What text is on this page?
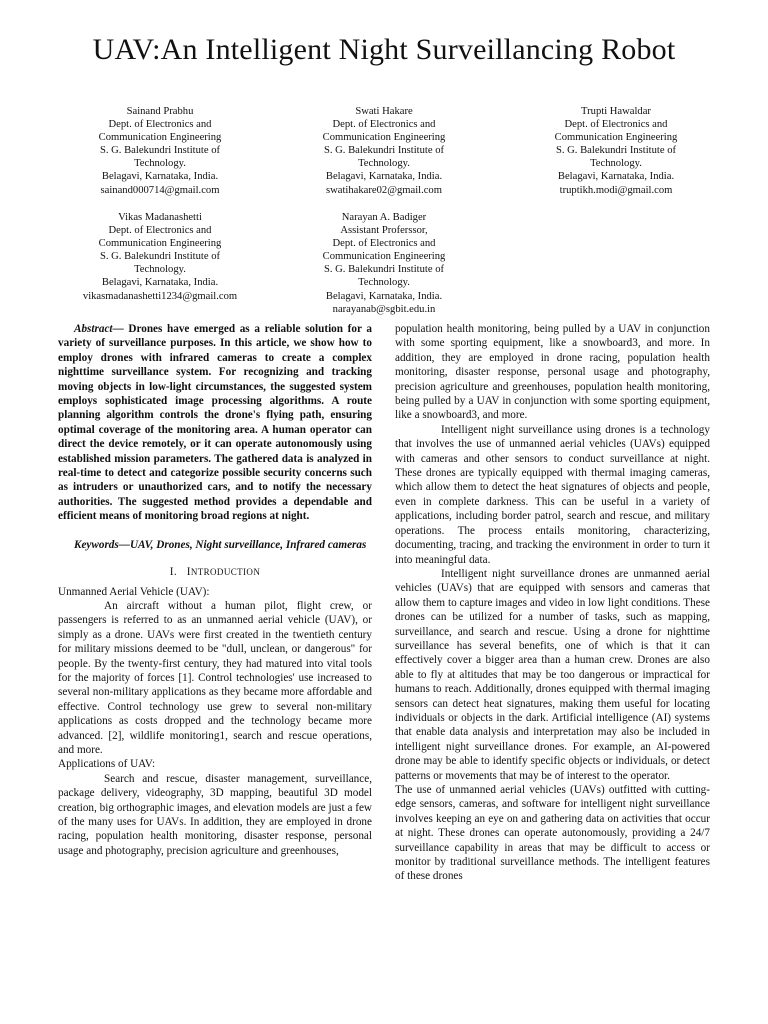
UAV:An Intelligent Night Surveillancing Robot
Sainand Prabhu
Dept. of Electronics and
Communication Engineering
S. G. Balekundri Institute of
Technology.
Belagavi, Karnataka, India.
sainand000714@gmail.com
Swati Hakare
Dept. of Electronics and
Communication Engineering
S. G. Balekundri Institute of
Technology.
Belagavi, Karnataka, India.
swatihakare02@gmail.com
Trupti Hawaldar
Dept. of Electronics and
Communication Engineering
S. G. Balekundri Institute of
Technology.
Belagavi, Karnataka, India.
truptikh.modi@gmail.com
Vikas Madanashetti
Dept. of Electronics and
Communication Engineering
S. G. Balekundri Institute of
Technology.
Belagavi, Karnataka, India.
vikasmadanashetti1234@gmail.com
Narayan A. Badiger
Assistant Proferssor,
Dept. of Electronics and
Communication Engineering
S. G. Balekundri Institute of
Technology.
Belagavi, Karnataka, India.
narayanab@sgbit.edu.in

Abstract— Drones have emerged as a reliable solution for a variety of surveillance purposes. In this article, we show how to employ drones with infrared cameras to create a complex nighttime surveillance system. For recognizing and tracking moving objects in low-light circumstances, the suggested system employs sophisticated image processing algorithms. A route planning algorithm controls the drone's flying path, ensuring optimal coverage of the monitoring area. A human operator can direct the device remotely, or it can operate autonomously using established mission parameters. The gathered data is analyzed in real-time to detect and categorize possible security concerns such as intruders or unauthorized cars, and to notify the necessary authorities. The suggested method provides a dependable and efficient means of monitoring broad regions at night.

Keywords—UAV, Drones, Night surveillance, Infrared cameras

I. INTRODUCTION

Unmanned Aerial Vehicle (UAV):

An aircraft without a human pilot, flight crew, or passengers is referred to as an unmanned aerial vehicle (UAV), or simply as a drone. UAVs were first created in the twentieth century for military missions deemed to be "dull, unclean, or dangerous" for people. By the twenty-first century, they had matured into vital tools for the majority of forces [1]. Control technologies' use increased to several non-military applications as they became more affordable and effective. Control technology use grew to several non-military applications as costs dropped and the technology became more advanced. [2], wildlife monitoring1, search and rescue operations, and more.

Applications of UAV:

Search and rescue, disaster management, surveillance, package delivery, videography, 3D mapping, beautiful 3D model creation, big orthographic images, and elevation models are just a few of the many uses for UAVs. In addition, they are employed in drone racing, population health monitoring, disaster response, personal usage and photography, precision agriculture and greenhouses,

population health monitoring, being pulled by a UAV in conjunction with some sporting equipment, like a snowboard3, and more. In addition, they are employed in drone racing, population health monitoring, disaster response, personal usage and photography, precision agriculture and greenhouses, population health monitoring, being pulled by a UAV in conjunction with some sporting equipment, like a snowboard3, and more.

Intelligent night surveillance using drones is a technology that involves the use of unmanned aerial vehicles (UAVs) equipped with cameras and other sensors to conduct surveillance at night. These drones are typically equipped with thermal imaging cameras, which allow them to detect the heat signatures of objects and people, even in complete darkness. This can be useful in a variety of applications, including border patrol, search and rescue, and military operations. The process entails monitoring, characterizing, documenting, tracing, and tracking the environment in order to turn it into meaningful data.

Intelligent night surveillance drones are unmanned aerial vehicles (UAVs) that are equipped with sensors and cameras that allow them to capture images and video in low light conditions. These drones can be utilized for a number of tasks, such as mapping, surveillance, and search and rescue. Using a drone for nighttime surveillance has several benefits, one of which is that it can effectively cover a bigger area than a human crew. Drones are also able to fly at altitudes that may be too dangerous or impractical for humans to reach. Additionally, drones equipped with thermal imaging sensors can detect heat signatures, making them useful for locating individuals or objects in the dark. Artificial intelligence (AI) systems that enable data analysis and interpretation may also be included in intelligent night surveillance drones. For example, an AI-powered drone may be able to identify specific objects or individuals, or detect patterns or movements that may be of interest to the operator.

The use of unmanned aerial vehicles (UAVs) outfitted with cutting-edge sensors, cameras, and software for intelligent night surveillance involves keeping an eye on and gathering data on activities that occur at night. These drones can operate autonomously, providing a 24/7 surveillance capability in areas that may be difficult to access or monitor by traditional surveillance methods. The intelligent features of these drones
